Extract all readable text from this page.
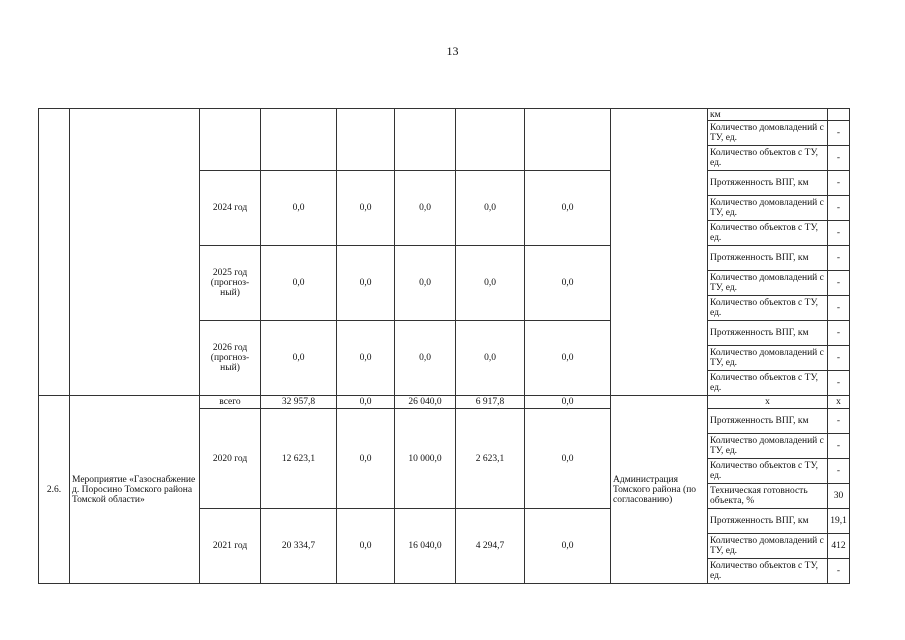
13
									км	
									Количество домовладений с ТУ, ед.	-
									Количество объектов с ТУ, ед.	-
		2024 год	0,0	0,0	0,0	0,0	0,0		Протяженность ВПГ, км	-
									Количество домовладений с ТУ, ед.	-
									Количество объектов с ТУ, ед.	-
		2025 год (прогноз-ный)	0,0	0,0	0,0	0,0	0,0		Протяженность ВПГ, км	-
									Количество домовладений с ТУ, ед.	-
									Количество объектов с ТУ, ед.	-
		2026 год (прогноз-ный)	0,0	0,0	0,0	0,0	0,0		Протяженность ВПГ, км	-
									Количество домовладений с ТУ, ед.	-
									Количество объектов с ТУ, ед.	-
2.6.	Мероприятие «Газоснабжение д. Поросино Томского района Томской области»	всего	32 957,8	0,0	26 040,0	6 917,8	0,0	Администрация Томского района (по согласованию)	х	х
		2020 год	12 623,1	0,0	10 000,0	2 623,1	0,0		Протяженность ВПГ, км	-
									Количество домовладений с ТУ, ед.	-
									Количество объектов с ТУ, ед.	-
									Техническая готовность объекта, %	30
		2021 год	20 334,7	0,0	16 040,0	4 294,7	0,0		Протяженность ВПГ, км	19,1
									Количество домовладений с ТУ, ед.	412
									Количество объектов с ТУ, ед.	-
